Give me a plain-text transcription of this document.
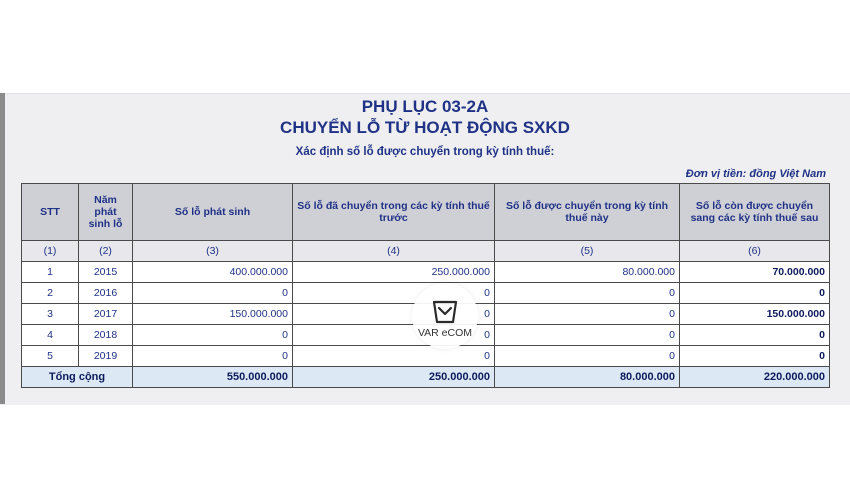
PHỤ LỤC 03-2A
CHUYỂN LỖ TỪ HOẠT ĐỘNG SXKD
Xác định số lỗ được chuyển trong kỳ tính thuế:
Đơn vị tiền: đồng Việt Nam
STT	Năm phát sinh lỗ	Số lỗ phát sinh	Số lỗ đã chuyển trong các kỳ tính thuế trước	Số lỗ được chuyển trong kỳ tính thuế này	Số lỗ còn được chuyển sang các kỳ tính thuế sau
(1)	(2)	(3)	(4)	(5)	(6)
1	2015	400.000.000	250.000.000	80.000.000	70.000.000
2	2016	0	0	0	0
3	2017	150.000.000	0	0	150.000.000
4	2018	0	0	0	0
5	2019	0	0	0	0
Tổng cộng		550.000.000	250.000.000	80.000.000	220.000.000
VAR eCOM
